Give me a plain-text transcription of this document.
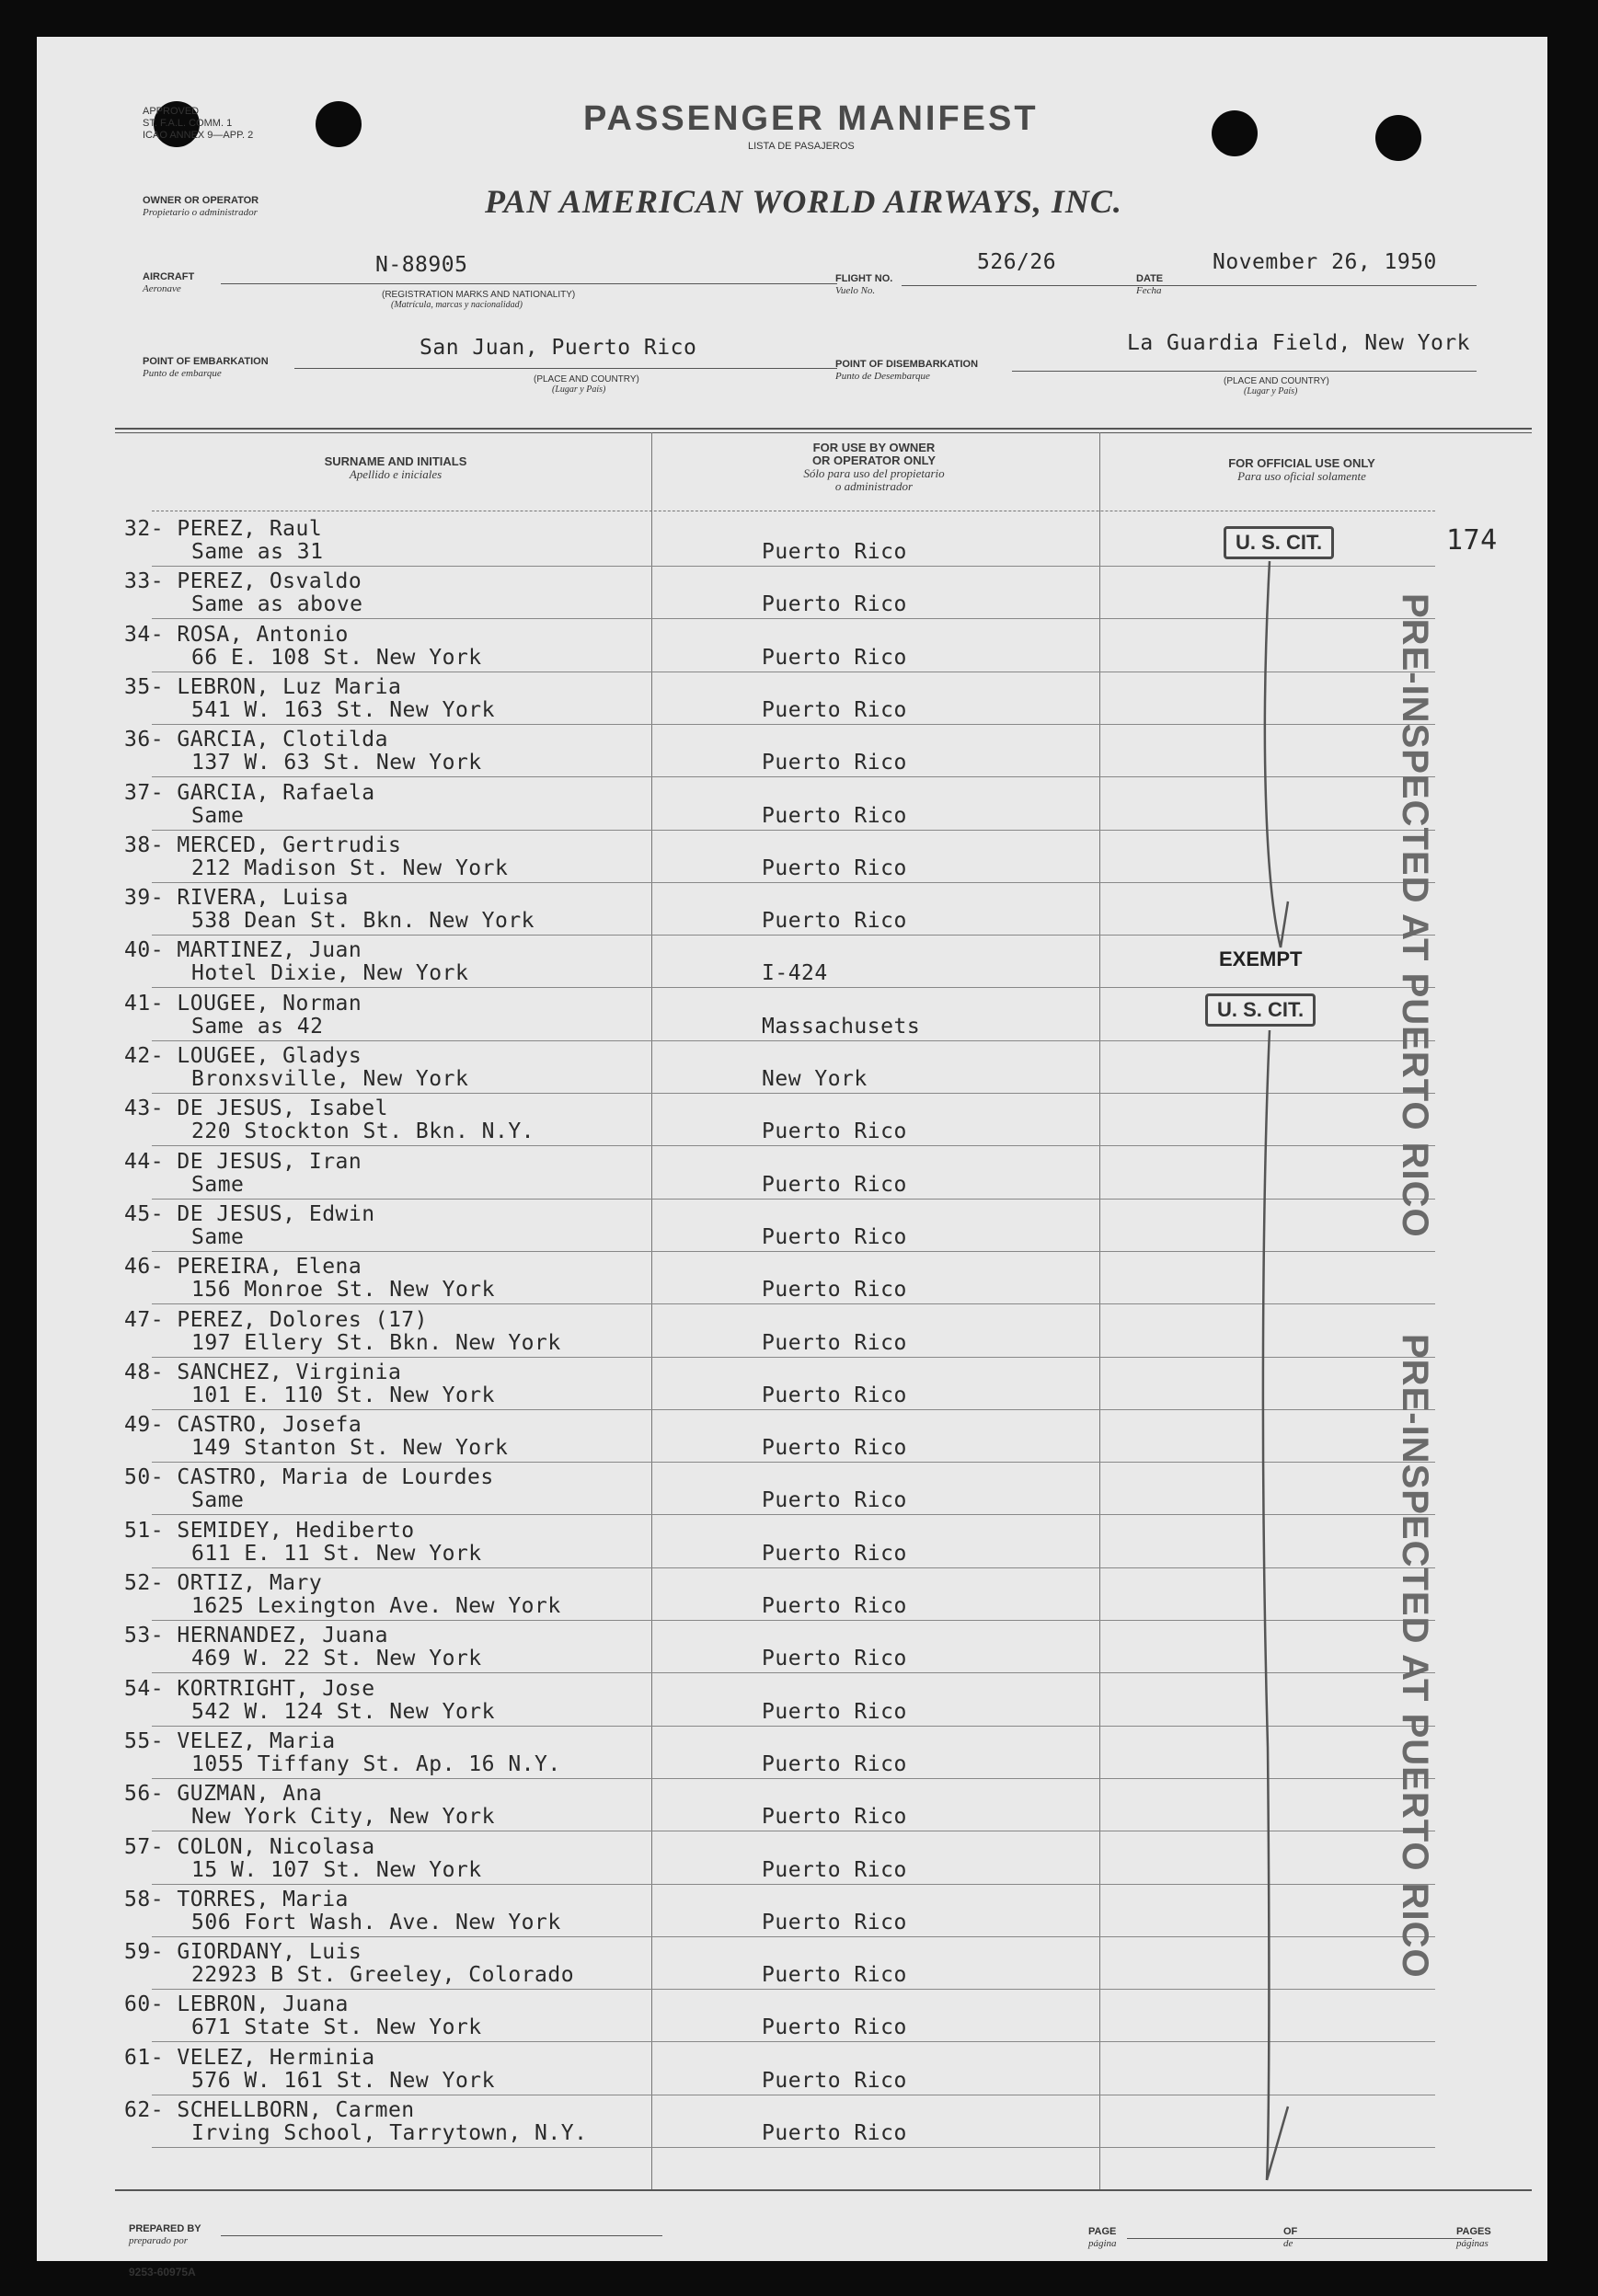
APPROVED
ST. F.A.L. COMM. 1
ICAO ANNEX 9—APP. 2	PASSENGER MANIFEST
LISTA DE PASAJEROS
OWNER OR OPERATOR
Propietario o administrador	PAN AMERICAN WORLD AIRWAYS, INC.
AIRCRAFT
Aeronave
N-88905
(REGISTRATION MARKS AND NATIONALITY)
(Matrícula, marcas y nacionalidad)
FLIGHT NO.
Vuelo No.
526/26
DATE
Fecha
November 26, 1950
POINT OF EMBARKATION
Punto de embarque
San Juan, Puerto Rico
(PLACE AND COUNTRY)
(Lugar y País)
POINT OF DISEMBARKATION
Punto de Desembarque
La Guardia Field, New York
(PLACE AND COUNTRY)
(Lugar y País)
SURNAME AND INITIALS
Apellido e iniciales
FOR USE BY OWNER
OR OPERATOR ONLY
Sólo para uso del propietario
o administrador
FOR OFFICIAL USE ONLY
Para uso oficial solamente
32- PEREZ, Raul
Same as 31	Puerto Rico
33- PEREZ, Osvaldo
Same as above	Puerto Rico
34- ROSA, Antonio
66 E. 108 St. New York	Puerto Rico
35- LEBRON, Luz Maria
541 W. 163 St. New York	Puerto Rico
36- GARCIA, Clotilda
137 W. 63 St. New York	Puerto Rico
37- GARCIA, Rafaela
Same	Puerto Rico
38- MERCED, Gertrudis
212 Madison St. New York	Puerto Rico
39- RIVERA, Luisa
538 Dean St. Bkn. New York	Puerto Rico
40- MARTINEZ, Juan
Hotel Dixie, New York	I-424
41- LOUGEE, Norman
Same as 42	Massachusets
42- LOUGEE, Gladys
Bronxsville, New York	New York
43- DE JESUS, Isabel
220 Stockton St. Bkn. N.Y.	Puerto Rico
44- DE JESUS, Iran
Same	Puerto Rico
45- DE JESUS, Edwin
Same	Puerto Rico
46- PEREIRA, Elena
156 Monroe St. New York	Puerto Rico
47- PEREZ, Dolores (17)
197 Ellery St. Bkn. New York	Puerto Rico
48- SANCHEZ, Virginia
101 E. 110 St. New York	Puerto Rico
49- CASTRO, Josefa
149 Stanton St. New York	Puerto Rico
50- CASTRO, Maria de Lourdes
Same	Puerto Rico
51- SEMIDEY, Hediberto
611 E. 11 St. New York	Puerto Rico
52- ORTIZ, Mary
1625 Lexington Ave. New York	Puerto Rico
53- HERNANDEZ, Juana
469 W. 22 St. New York	Puerto Rico
54- KORTRIGHT, Jose
542 W. 124 St. New York	Puerto Rico
55- VELEZ, Maria
1055 Tiffany St. Ap. 16 N.Y.	Puerto Rico
56- GUZMAN, Ana
New York City, New York	Puerto Rico
57- COLON, Nicolasa
15 W. 107 St. New York	Puerto Rico
58- TORRES, Maria
506 Fort Wash. Ave. New York	Puerto Rico
59- GIORDANY, Luis
22923 B St. Greeley, Colorado	Puerto Rico
60- LEBRON, Juana
671 State St. New York	Puerto Rico
61- VELEZ, Herminia
576 W. 161 St. New York	Puerto Rico
62- SCHELLBORN, Carmen
Irving School, Tarrytown, N.Y.	Puerto Rico
U. S. CIT.	174
EXEMPT
U. S. CIT.	PRE-INSPECTED AT PUERTO RICO
PRE-INSPECTED AT PUERTO RICO
PREPARED BY
preparado por
PAGE
página
OF
de
PAGES
páginas
9253-60975A
